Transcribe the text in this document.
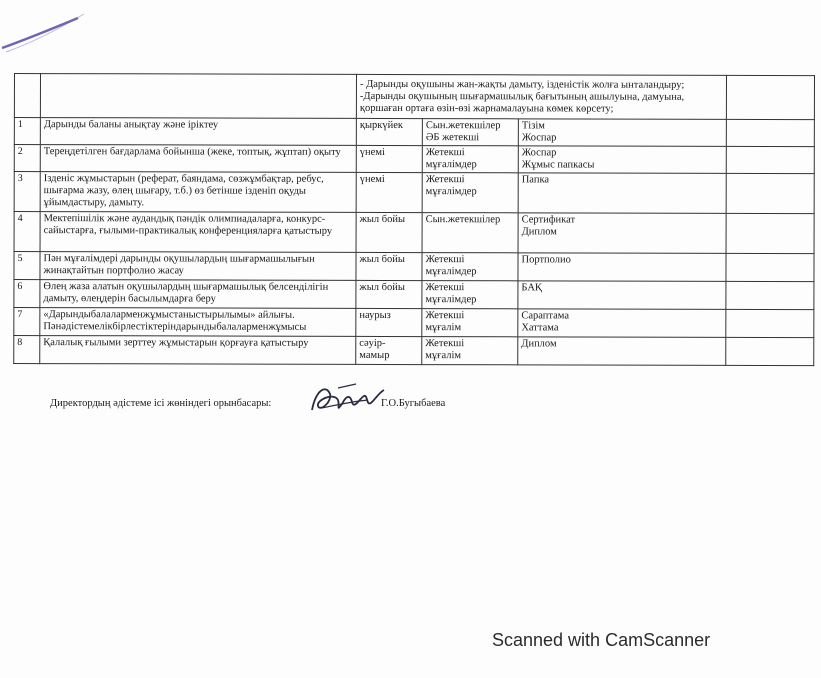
		- Дарынды оқушыны жан-жақты дамыту, ізденістік жолға ынталандыру;
-Дарынды оқушының шығармашылық бағытының ашылуына, дамуына,
қоршаған ортаға өзін-өзі жарнамалауына көмек көрсету;			
1	Дарынды баланы анықтау және іріктеу	қыркүйек	Сын.жетекшілер
ӘБ жетекші	Тізім
Жоспар	
2	Тереңдетілген бағдарлама бойынша (жеке, топтық, жұптап) оқыту	үнемі	Жетекші
мұғалімдер	Жоспар
Жұмыс папкасы	
3	Ізденіс жұмыстарын (реферат, баяндама, сөзжұмбақтар, ребус, шығарма жазу, өлең шығару, т.б.) өз бетінше ізденіп оқуды ұйымдастыру, дамыту.	үнемі	Жетекші
мұғалімдер	Папка	
4	Мектепішілік және аудандық пәндік олимпиадаларға, конкурс-сайыстарға, ғылыми-практикалық конференцияларға қатыстыру	жыл бойы	Сын.жетекшілер	Сертификат
Диплом	
5	Пән мұғалімдері дарынды оқушылардың шығармашылығын жинақтайтын портфолио жасау	жыл бойы	Жетекші
мұғалімдер	Портполио	
6	Өлең жаза алатын оқушылардың шығармашылық белсенділігін дамыту, өлеңдерін басылымдарға беру	жыл бойы	Жетекші
мұғалімдер	БАҚ	
7	«Дарындыбалаларменжұмыстаныстырылымы» айлығы.
Пәнәдістемелікбірлестіктеріндарындыбалаларменжұмысы	наурыз	Жетекші
мұғалім	Сараптама
Хаттама	
8	Қалалық ғылыми зерттеу жұмыстарын қорғауға қатыстыру	сәуір-
мамыр	Жетекші
мұғалім	Диплом	
Директордың әдістеме ісі жөніндегі орынбасары:	Г.О.Бугыбаева
Scanned with CamScanner
